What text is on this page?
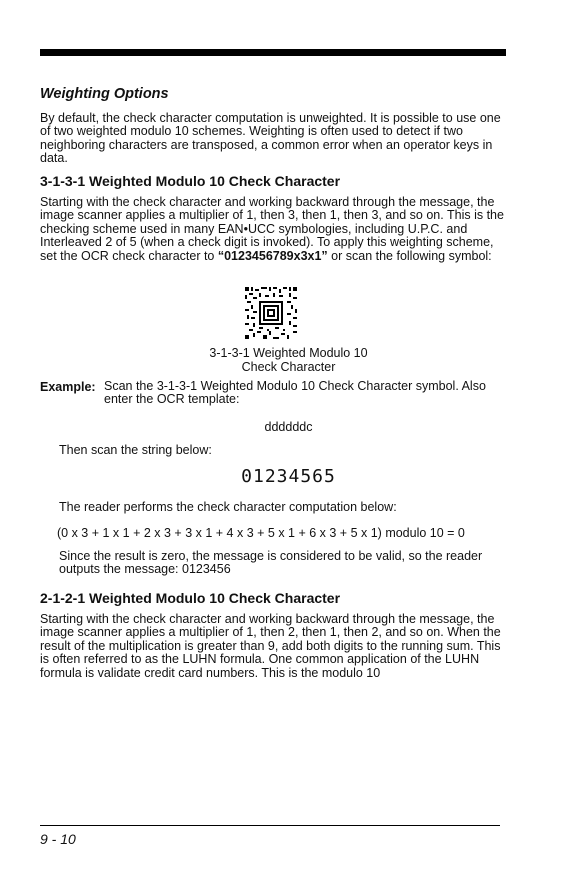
Weighting Options
By default, the check character computation is unweighted. It is possible to use one of two weighted modulo 10 schemes. Weighting is often used to detect if two neighboring characters are transposed, a common error when an operator keys in data.
3-1-3-1 Weighted Modulo 10 Check Character
Starting with the check character and working backward through the message, the image scanner applies a multiplier of 1, then 3, then 1, then 3, and so on. This is the checking scheme used in many EAN•UCC symbologies, including U.P.C. and Interleaved 2 of 5 (when a check digit is invoked). To apply this weighting scheme, set the OCR check character to “0123456789x3x1” or scan the following symbol:
3-1-3-1 Weighted Modulo 10
Check Character
Example: Scan the 3-1-3-1 Weighted Modulo 10 Check Character symbol. Also enter the OCR template:
ddddddc
Then scan the string below:
01234565
The reader performs the check character computation below:
(0 x 3 + 1 x 1 + 2 x 3 + 3 x 1 + 4 x 3 + 5 x 1 + 6 x 3 + 5 x 1) modulo 10 = 0
Since the result is zero, the message is considered to be valid, so the reader outputs the message: 0123456
2-1-2-1 Weighted Modulo 10 Check Character
Starting with the check character and working backward through the message, the image scanner applies a multiplier of 1, then 2, then 1, then 2, and so on. When the result of the multiplication is greater than 9, add both digits to the running sum. This is often referred to as the LUHN formula. One common application of the LUHN formula is validate credit card numbers. This is the modulo 10
9 - 10
